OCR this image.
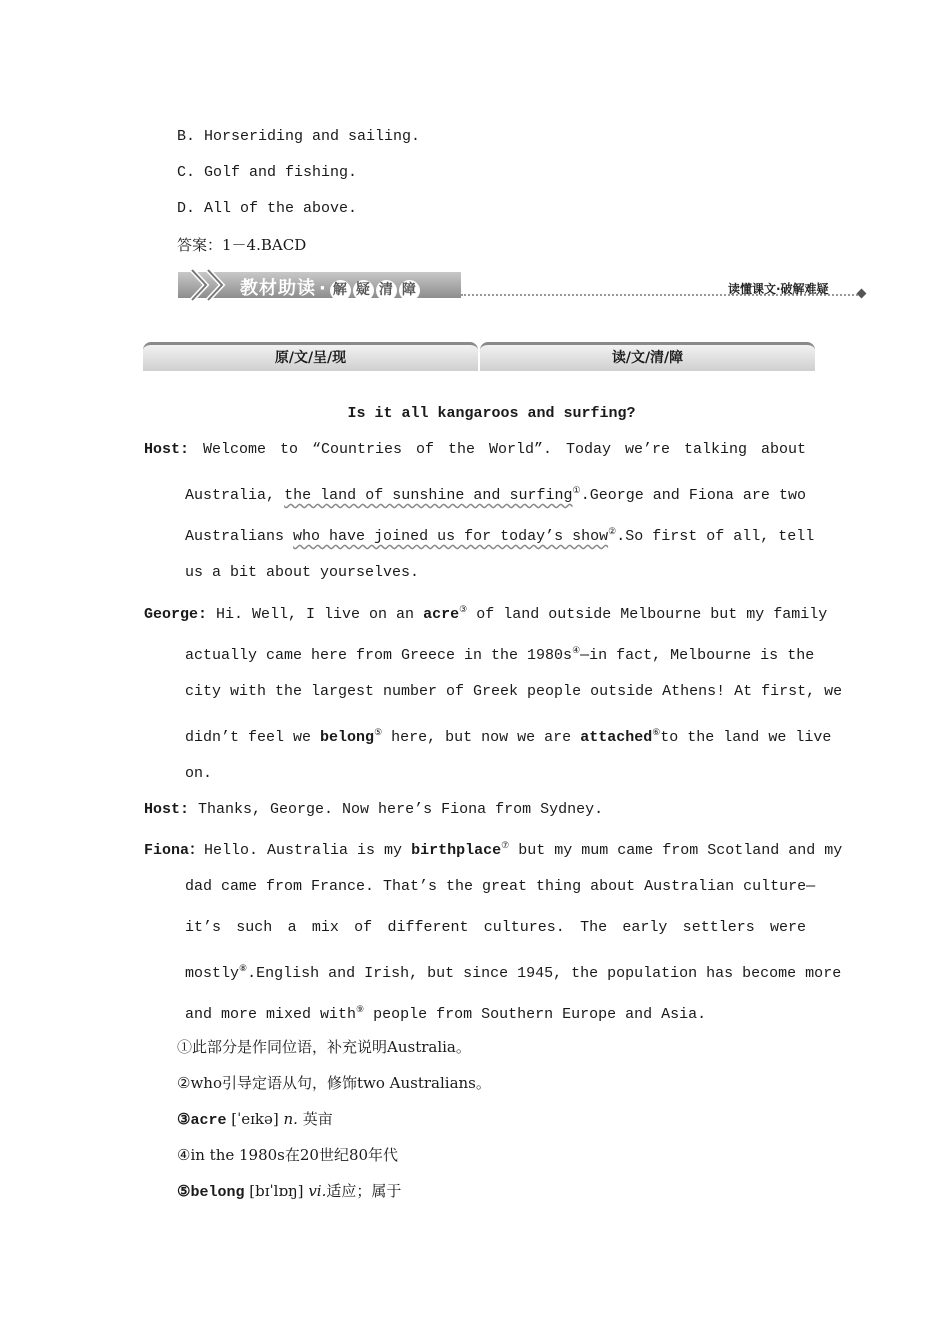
B. Horseriding and sailing.
C. Golf and fishing.
D. All of the above.
答案：1－4.BACD
教材助读 · 解 疑 清 障	读懂课文·破解难疑
原/文/呈/现	读/文/清/障
Is it all kangaroos and surfing?
Host: Welcome to “Countries of the World”. Today we’re talking about
Australia, the land of sunshine and surfing①.George and Fiona are two
Australians who have joined us for today’s show②.So first of all, tell
us a bit about yourselves.
George: Hi. Well, I live on an acre③ of land outside Melbourne but my family
actually came here from Greece in the 1980s④—in fact, Melbourne is the
city with the largest number of Greek people outside Athens! At first, we
didn’t feel we belong⑤ here, but now we are attached⑥to the land we live
on.
Host: Thanks, George. Now here’s Fiona from Sydney.
Fiona：Hello. Australia is my birthplace⑦ but my mum came from Scotland and my
dad came from France. That’s the great thing about Australian culture—
it’s such a mix of different cultures. The early settlers were
mostly⑧.English and Irish, but since 1945, the population has become more
and more mixed with⑨ people from Southern Europe and Asia.
①此部分是作同位语，补充说明Australia。
②who引导定语从句，修饰two Australians。
③acre [ˈeɪkə] n. 英亩
④in the 1980s在20世纪80年代
⑤belong [bɪˈlɒŋ] vi.适应；属于
